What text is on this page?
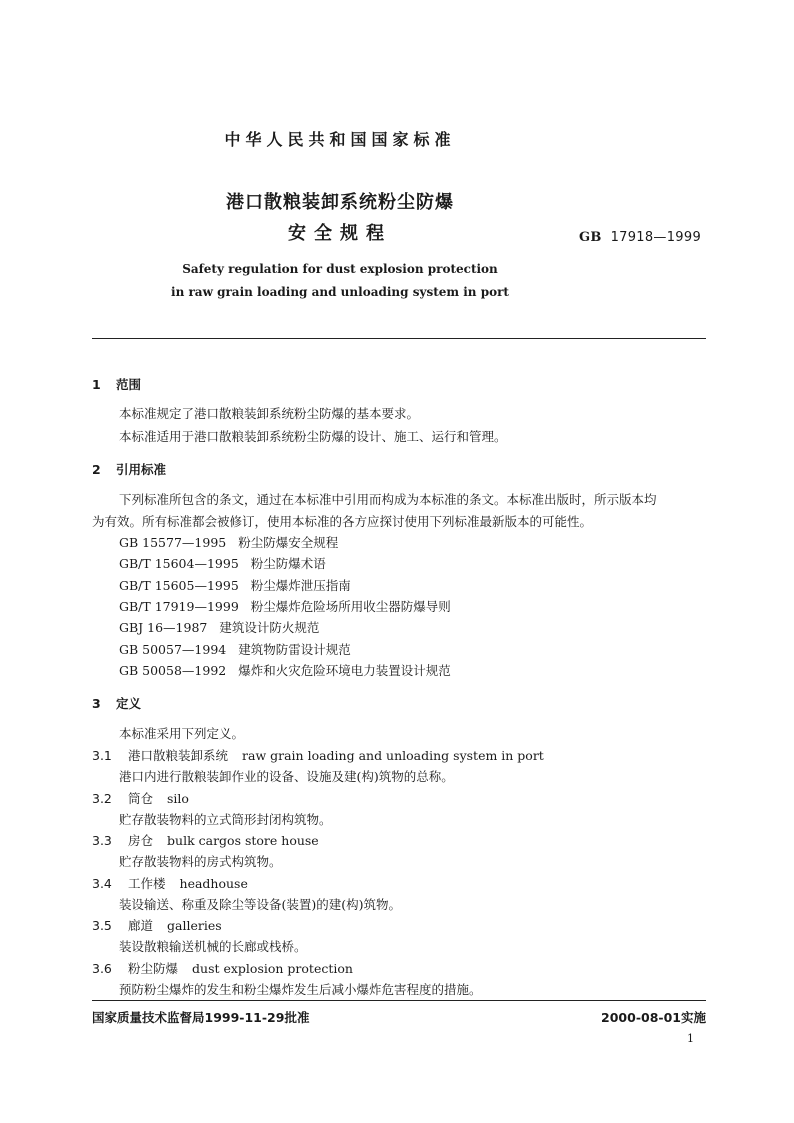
中华人民共和国国家标准
港口散粮装卸系统粉尘防爆
安全规程	GB 17918—1999
Safety regulation for dust explosion protection
in raw grain loading and unloading system in port
1 范围
本标准规定了港口散粮装卸系统粉尘防爆的基本要求。
本标准适用于港口散粮装卸系统粉尘防爆的设计、施工、运行和管理。
2 引用标准
下列标准所包含的条文，通过在本标准中引用而构成为本标准的条文。本标准出版时，所示版本均
为有效。所有标准都会被修订，使用本标准的各方应探讨使用下列标准最新版本的可能性。
GB 15577—1995 粉尘防爆安全规程
GB/T 15604—1995 粉尘防爆术语
GB/T 15605—1995 粉尘爆炸泄压指南
GB/T 17919—1999 粉尘爆炸危险场所用收尘器防爆导则
GBJ 16—1987 建筑设计防火规范
GB 50057—1994 建筑物防雷设计规范
GB 50058—1992 爆炸和火灾危险环境电力装置设计规范
3 定义
本标准采用下列定义。
3.1 港口散粮装卸系统 raw grain loading and unloading system in port
港口内进行散粮装卸作业的设备、设施及建(构)筑物的总称。
3.2 筒仓 silo
贮存散装物料的立式筒形封闭构筑物。
3.3 房仓 bulk cargos store house
贮存散装物料的房式构筑物。
3.4 工作楼 headhouse
装设输送、称重及除尘等设备(装置)的建(构)筑物。
3.5 廊道 galleries
装设散粮输送机械的长廊或栈桥。
3.6 粉尘防爆 dust explosion protection
预防粉尘爆炸的发生和粉尘爆炸发生后减小爆炸危害程度的措施。
国家质量技术监督局1999-11-29批准	2000-08-01实施
1
